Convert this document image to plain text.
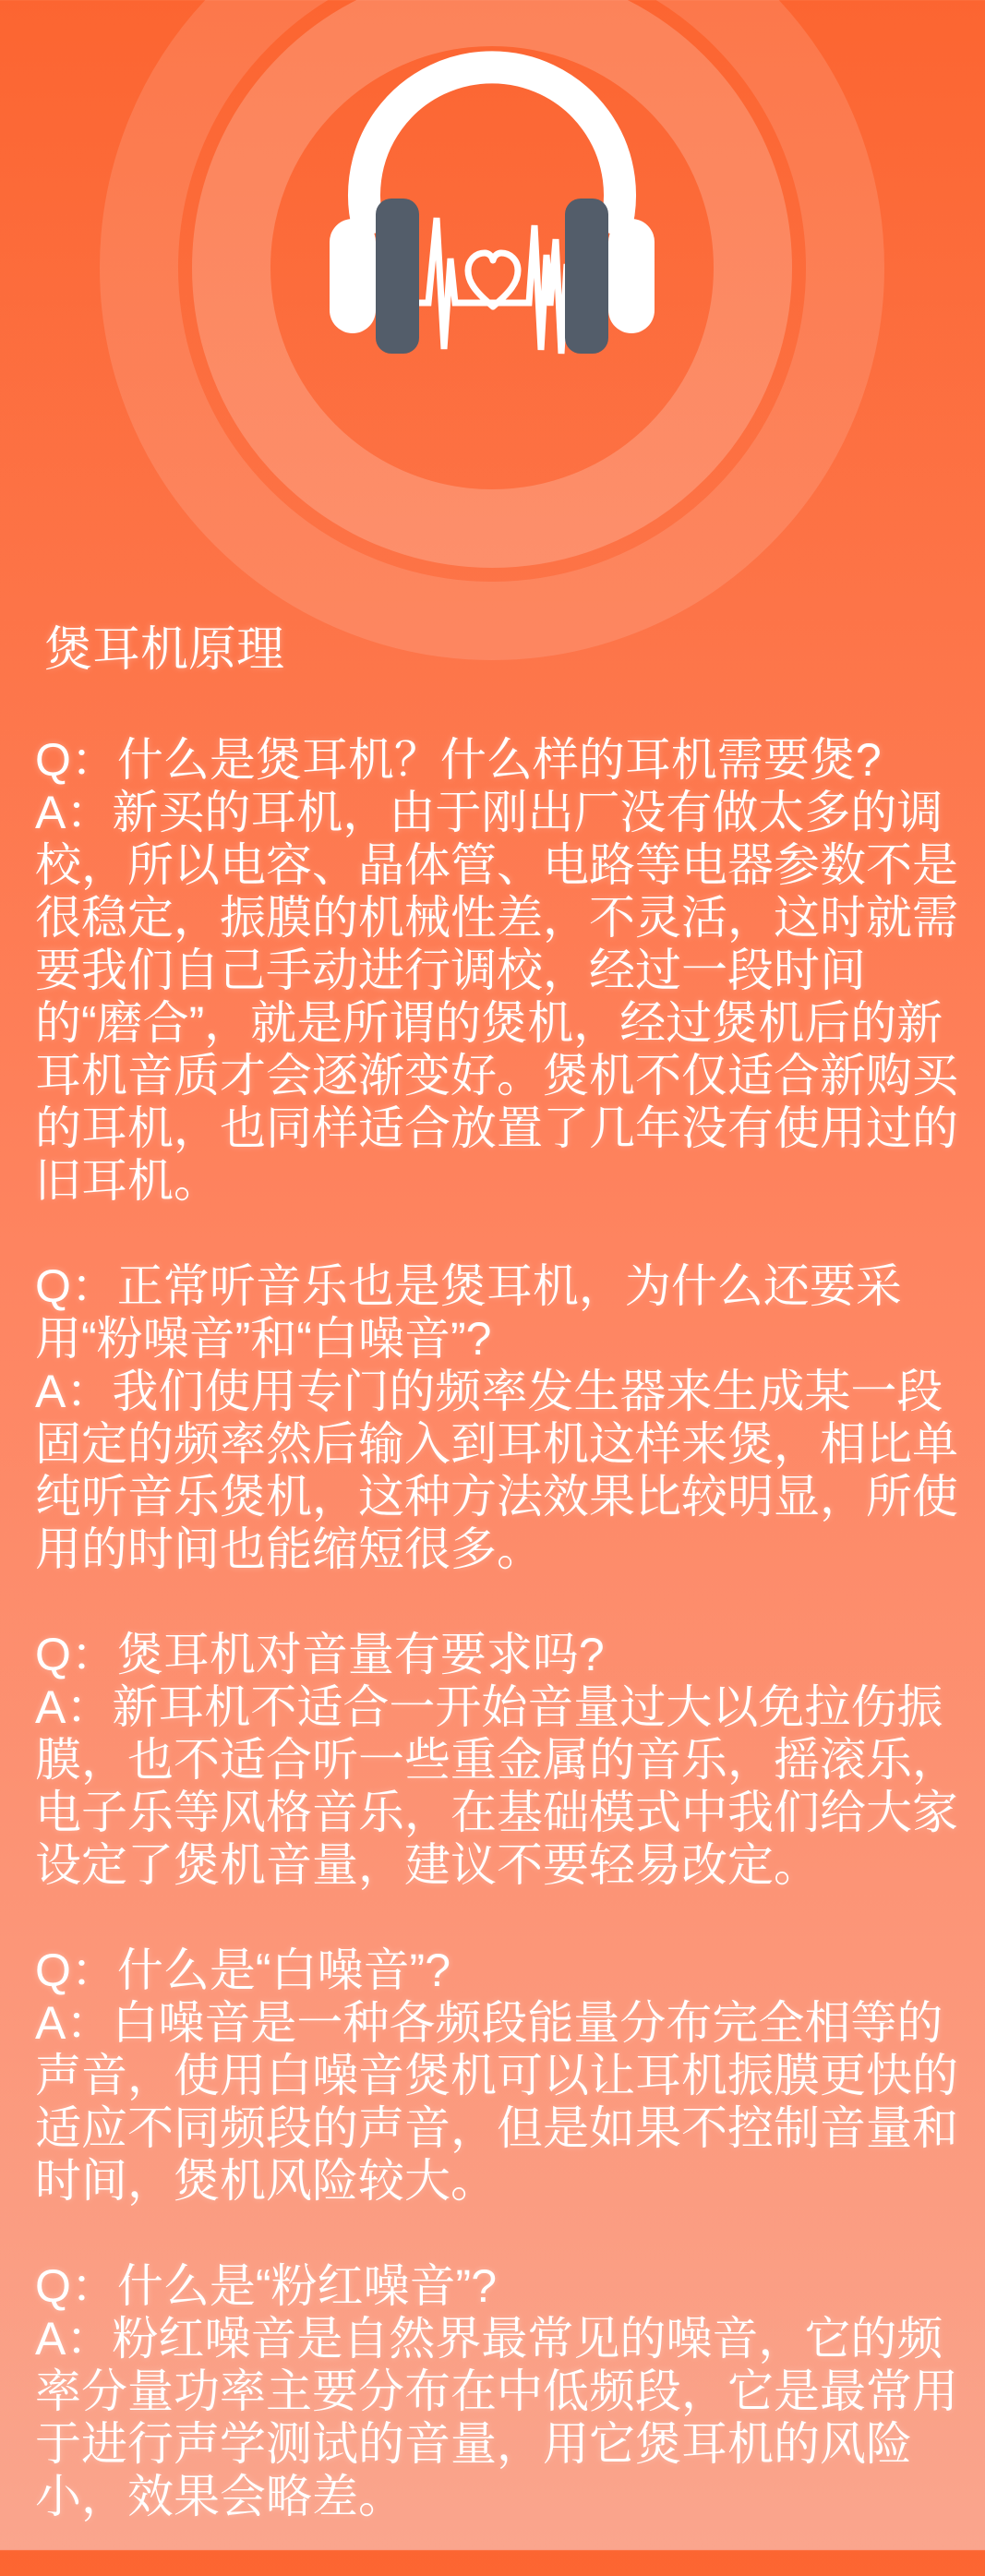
煲耳机原理

Q：什么是煲耳机？什么样的耳机需要煲?

A：新买的耳机，由于刚出厂没有做太多的调校，所以电容、晶体管、电路等电器参数不是很稳定，振膜的机械性差，不灵活，这时就需要我们自己手动进行调校，经过一段时间的“磨合”，就是所谓的煲机，经过煲机后的新耳机音质才会逐渐变好。煲机不仅适合新购买的耳机，也同样适合放置了几年没有使用过的旧耳机。

Q：正常听音乐也是煲耳机，为什么还要采用“粉噪音”和“白噪音”?

A：我们使用专门的频率发生器来生成某一段固定的频率然后输入到耳机这样来煲，相比单纯听音乐煲机，这种方法效果比较明显，所使用的时间也能缩短很多。

Q：煲耳机对音量有要求吗?

A：新耳机不适合一开始音量过大以免拉伤振膜，也不适合听一些重金属的音乐，摇滚乐，电子乐等风格音乐，在基础模式中我们给大家设定了煲机音量，建议不要轻易改定。

Q：什么是“白噪音”?

A：白噪音是一种各频段能量分布完全相等的声音，使用白噪音煲机可以让耳机振膜更快的适应不同频段的声音，但是如果不控制音量和时间，煲机风险较大。

Q：什么是“粉红噪音”?

A：粉红噪音是自然界最常见的噪音，它的频率分量功率主要分布在中低频段，它是最常用于进行声学测试的音量，用它煲耳机的风险小，效果会略差。
